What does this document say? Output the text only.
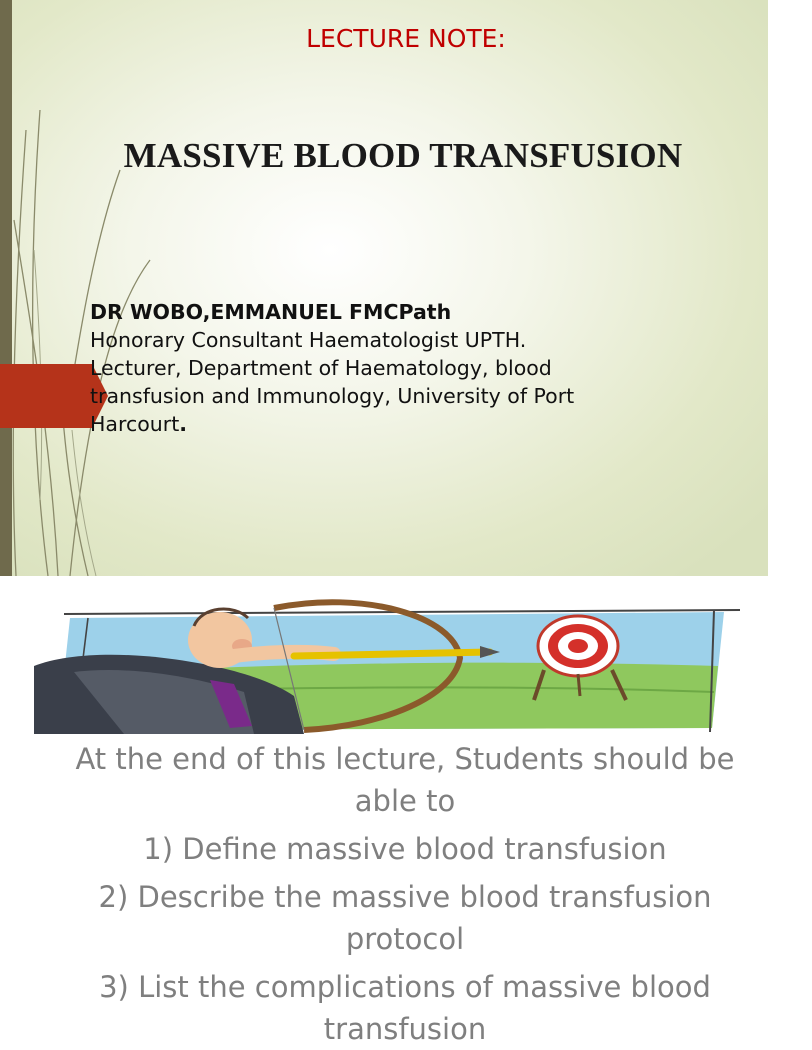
LECTURE NOTE:
MASSIVE BLOOD TRANSFUSION
DR WOBO,EMMANUEL FMCPath
Honorary Consultant Haematologist UPTH.
Lecturer, Department of Haematology, blood
transfusion and Immunology, University of Port
Harcourt.
At the end of this lecture, Students should be able to
1) Define massive blood transfusion
2) Describe the massive blood transfusion protocol
3) List the complications of massive blood transfusion
